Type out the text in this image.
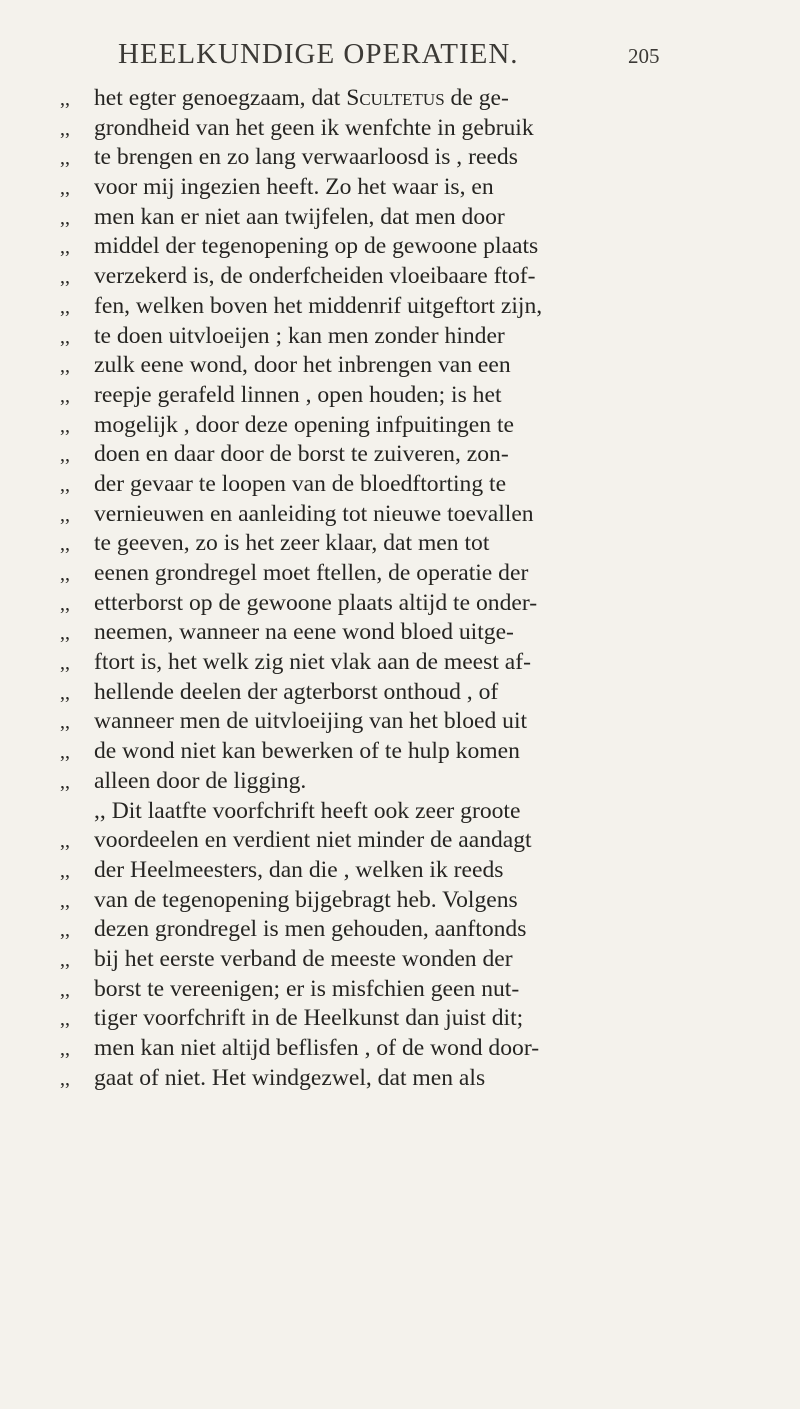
HEELKUNDIGE OPERATIEN.	205
,, het egter genoegzaam, dat Scultetus de ge-
,, grondheid van het geen ik wenfchte in gebruik
,, te brengen en zo lang verwaarloosd is , reeds
,, voor mij ingezien heeft. Zo het waar is, en
,, men kan er niet aan twijfelen, dat men door
,, middel der tegenopening op de gewoone plaats
,, verzekerd is, de onderfcheiden vloeibaare ftof-
,, fen, welken boven het middenrif uitgeftort zijn,
,, te doen uitvloeijen ; kan men zonder hinder
,, zulk eene wond, door het inbrengen van een
,, reepje gerafeld linnen , open houden; is het
,, mogelijk , door deze opening infpuitingen te
,, doen en daar door de borst te zuiveren, zon-
,, der gevaar te loopen van de bloedftorting te
,, vernieuwen en aanleiding tot nieuwe toevallen
,, te geeven, zo is het zeer klaar, dat men tot
,, eenen grondregel moet ftellen, de operatie der
,, etterborst op de gewoone plaats altijd te onder-
,, neemen, wanneer na eene wond bloed uitge-
,, ftort is, het welk zig niet vlak aan de meest af-
,, hellende deelen der agterborst onthoud , of
,, wanneer men de uitvloeijing van het bloed uit
,, de wond niet kan bewerken of te hulp komen
,, alleen door de ligging.
,, Dit laatfte voorfchrift heeft ook zeer groote
,, voordeelen en verdient niet minder de aandagt
,, der Heelmeesters, dan die , welken ik reeds
,, van de tegenopening bijgebragt heb. Volgens
,, dezen grondregel is men gehouden, aanftonds
,, bij het eerste verband de meeste wonden der
,, borst te vereenigen; er is misfchien geen nut-
,, tiger voorfchrift in de Heelkunst dan juist dit;
,, men kan niet altijd beflisfen , of de wond door-
,, gaat of niet. Het windgezwel, dat men als
